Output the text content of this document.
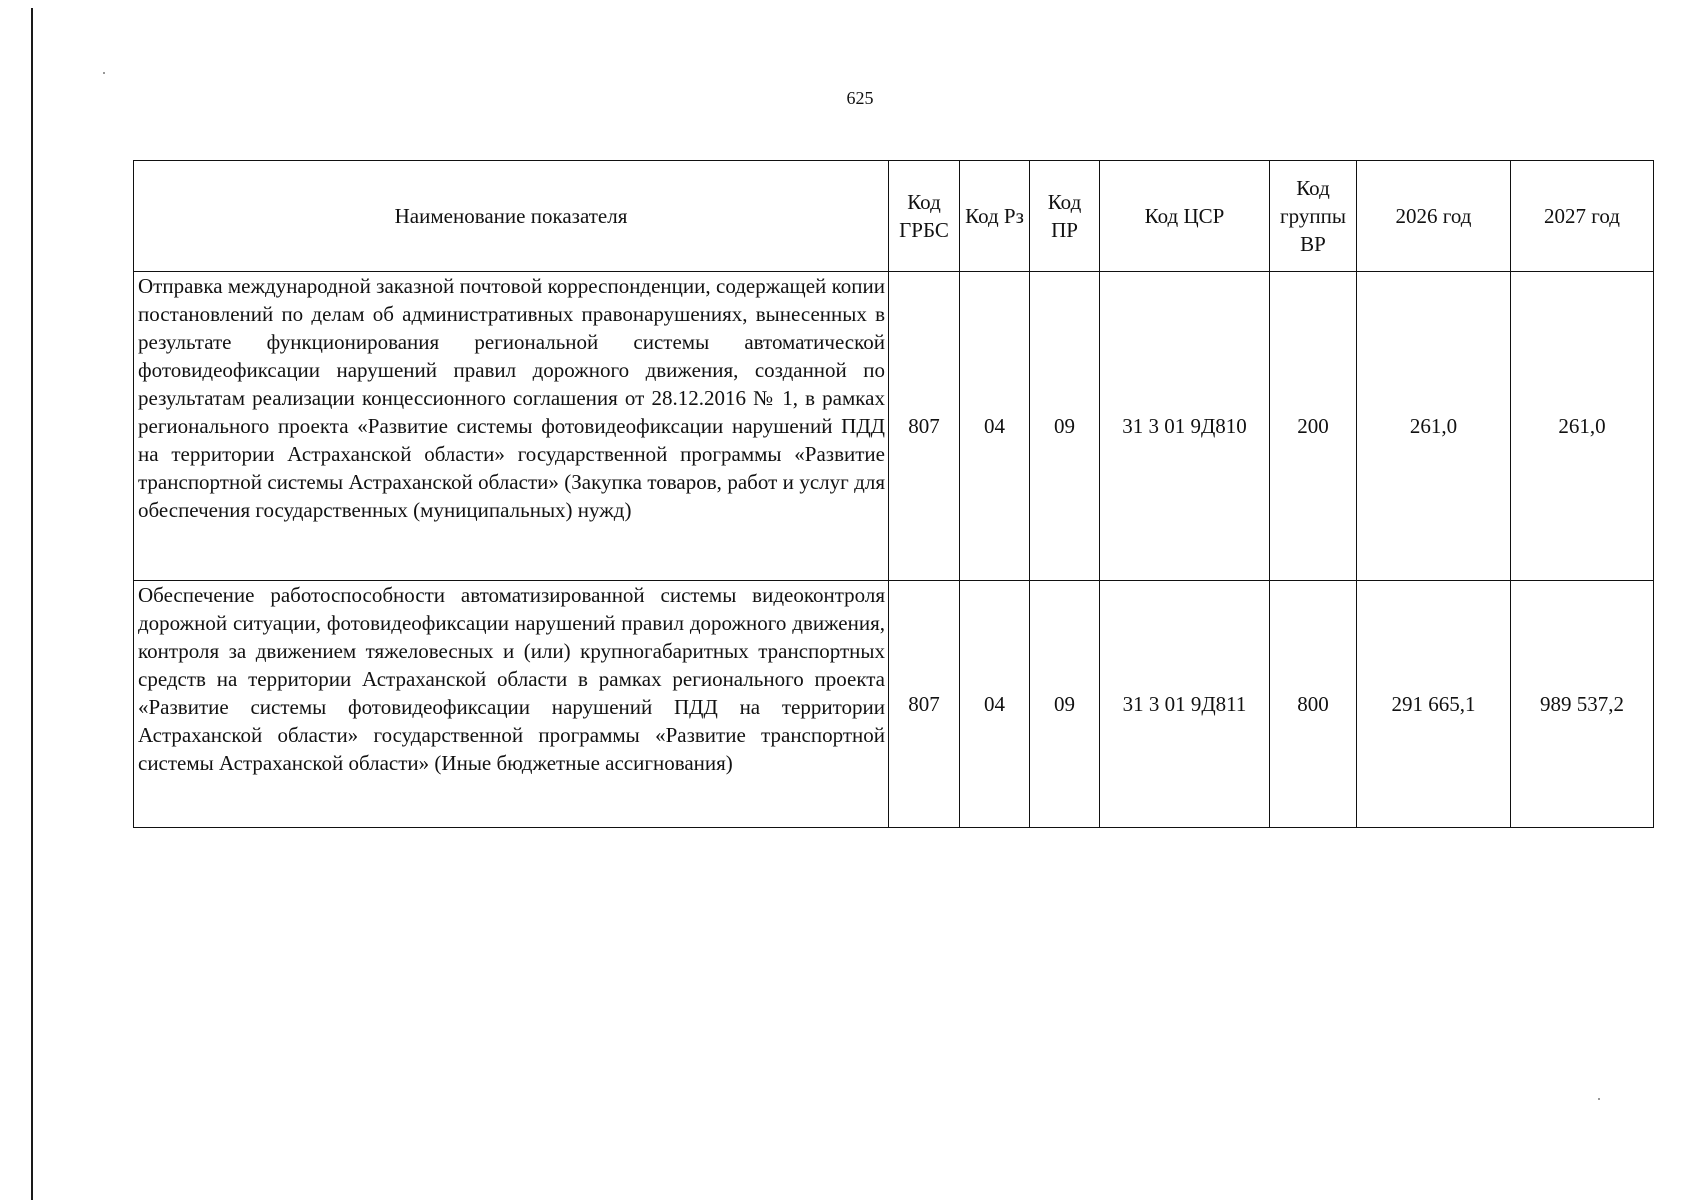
625
Наименование показателя	Код ГРБС	Код Рз	Код ПР	Код ЦСР	Код группы ВР	2026 год	2027 год
Отправка международной заказной почтовой корреспонденции, содержащей копии постановлений по делам об административных правонарушениях, вынесенных в результате функционирования региональной системы автоматической фотовидеофиксации нарушений правил дорожного движения, созданной по результатам реализации концессионного соглашения от 28.12.2016 № 1, в рамках регионального проекта «Развитие системы фотовидеофиксации нарушений ПДД на территории Астраханской области» государственной программы «Развитие транспортной системы Астраханской области» (Закупка товаров, работ и услуг для обеспечения государственных (муниципальных) нужд)	807	04	09	31 3 01 9Д810	200	261,0	261,0
Обеспечение работоспособности автоматизированной системы видеоконтроля дорожной ситуации, фотовидеофиксации нарушений правил дорожного движения, контроля за движением тяжеловесных и (или) крупногабаритных транспортных средств на территории Астраханской области в рамках регионального проекта «Развитие системы фотовидеофиксации нарушений ПДД на территории Астраханской области» государственной программы «Развитие транспортной системы Астраханской области» (Иные бюджетные ассигнования)	807	04	09	31 3 01 9Д811	800	291 665,1	989 537,2
